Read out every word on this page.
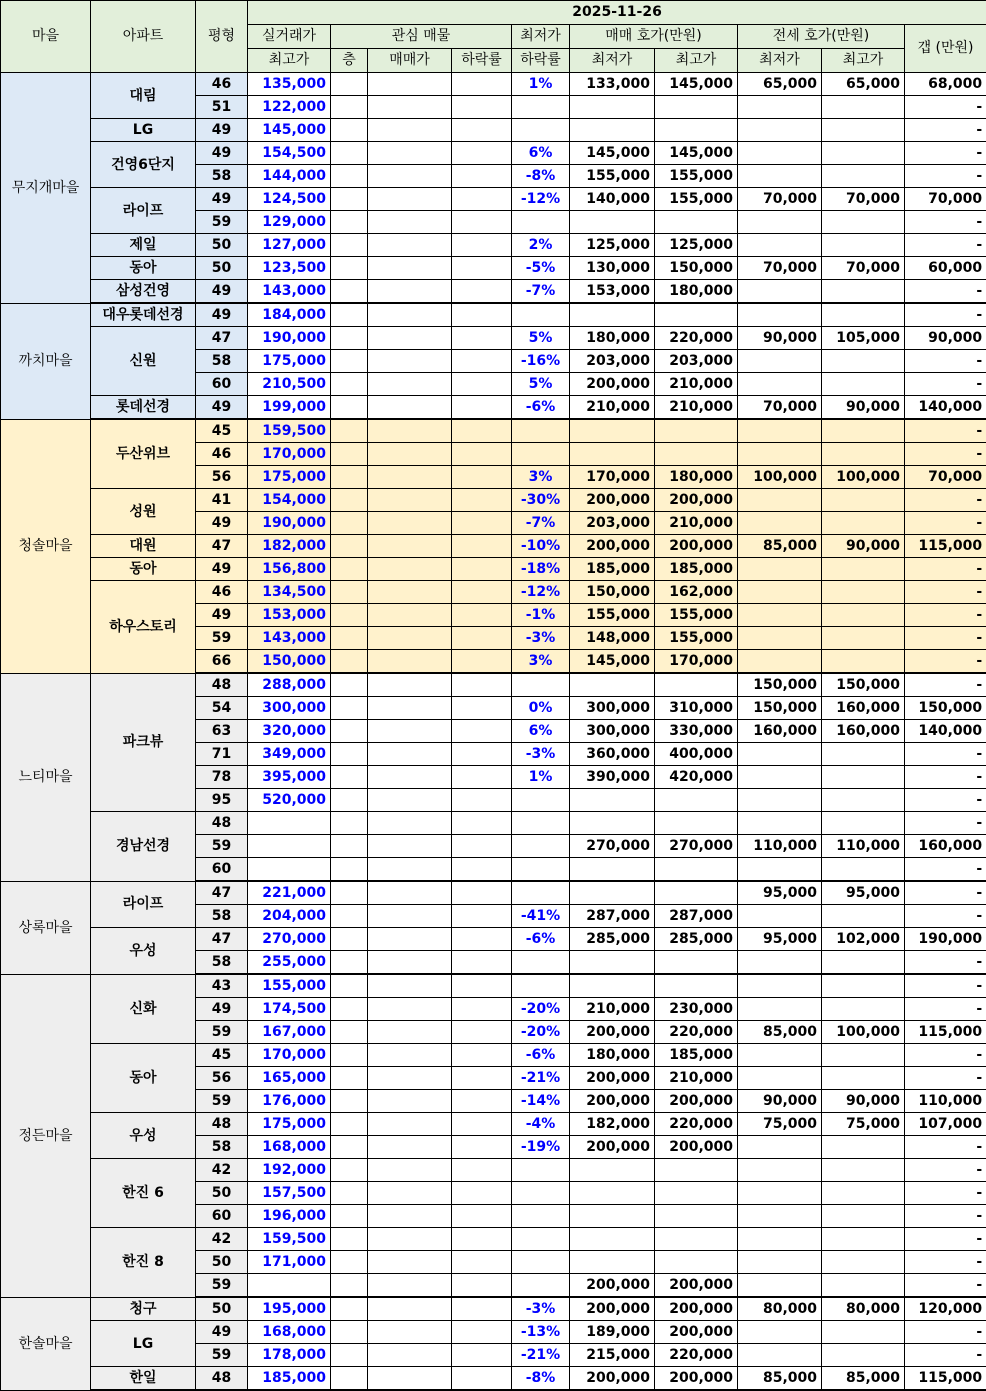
마을	아파트	평형	2025-11-26									
			실거래가	관심 매물			최저가	매매 호가(만원)		전세 호가(만원)		갭 (만원)
			최고가	층	매매가	하락률	하락률	최저가	최고가	최저가	최고가	
무지개마을	대림	46	135,000				1%	133,000	145,000	65,000	65,000	68,000
		51	122,000									-
	LG	49	145,000									-
	건영6단지	49	154,500				6%	145,000	145,000			-
		58	144,000				-8%	155,000	155,000			-
	라이프	49	124,500				-12%	140,000	155,000	70,000	70,000	70,000
		59	129,000									-
	제일	50	127,000				2%	125,000	125,000			-
	동아	50	123,500				-5%	130,000	150,000	70,000	70,000	60,000
	삼성건영	49	143,000				-7%	153,000	180,000			-
까치마을	대우롯데선경	49	184,000									-
	신원	47	190,000				5%	180,000	220,000	90,000	105,000	90,000
		58	175,000				-16%	203,000	203,000			-
		60	210,500				5%	200,000	210,000			-
	롯데선경	49	199,000				-6%	210,000	210,000	70,000	90,000	140,000
청솔마을	두산위브	45	159,500									-
		46	170,000									-
		56	175,000				3%	170,000	180,000	100,000	100,000	70,000
	성원	41	154,000				-30%	200,000	200,000			-
		49	190,000				-7%	203,000	210,000			-
	대원	47	182,000				-10%	200,000	200,000	85,000	90,000	115,000
	동아	49	156,800				-18%	185,000	185,000			-
	하우스토리	46	134,500				-12%	150,000	162,000			-
		49	153,000				-1%	155,000	155,000			-
		59	143,000				-3%	148,000	155,000			-
		66	150,000				3%	145,000	170,000			-
느티마을	파크뷰	48	288,000							150,000	150,000	-
		54	300,000				0%	300,000	310,000	150,000	160,000	150,000
		63	320,000				6%	300,000	330,000	160,000	160,000	140,000
		71	349,000				-3%	360,000	400,000			-
		78	395,000				1%	390,000	420,000			-
		95	520,000									-
	경남선경	48										-
		59						270,000	270,000	110,000	110,000	160,000
		60										-
상록마을	라이프	47	221,000							95,000	95,000	-
		58	204,000				-41%	287,000	287,000			-
	우성	47	270,000				-6%	285,000	285,000	95,000	102,000	190,000
		58	255,000									-
정든마을	신화	43	155,000									-
		49	174,500				-20%	210,000	230,000			-
		59	167,000				-20%	200,000	220,000	85,000	100,000	115,000
	동아	45	170,000				-6%	180,000	185,000			-
		56	165,000				-21%	200,000	210,000			-
		59	176,000				-14%	200,000	200,000	90,000	90,000	110,000
	우성	48	175,000				-4%	182,000	220,000	75,000	75,000	107,000
		58	168,000				-19%	200,000	200,000			-
	한진 6	42	192,000									-
		50	157,500									-
		60	196,000									-
	한진 8	42	159,500									-
		50	171,000									-
		59						200,000	200,000			-
한솔마을	청구	50	195,000				-3%	200,000	200,000	80,000	80,000	120,000
	LG	49	168,000				-13%	189,000	200,000			-
		59	178,000				-21%	215,000	220,000			-
	한일	48	185,000				-8%	200,000	200,000	85,000	85,000	115,000
